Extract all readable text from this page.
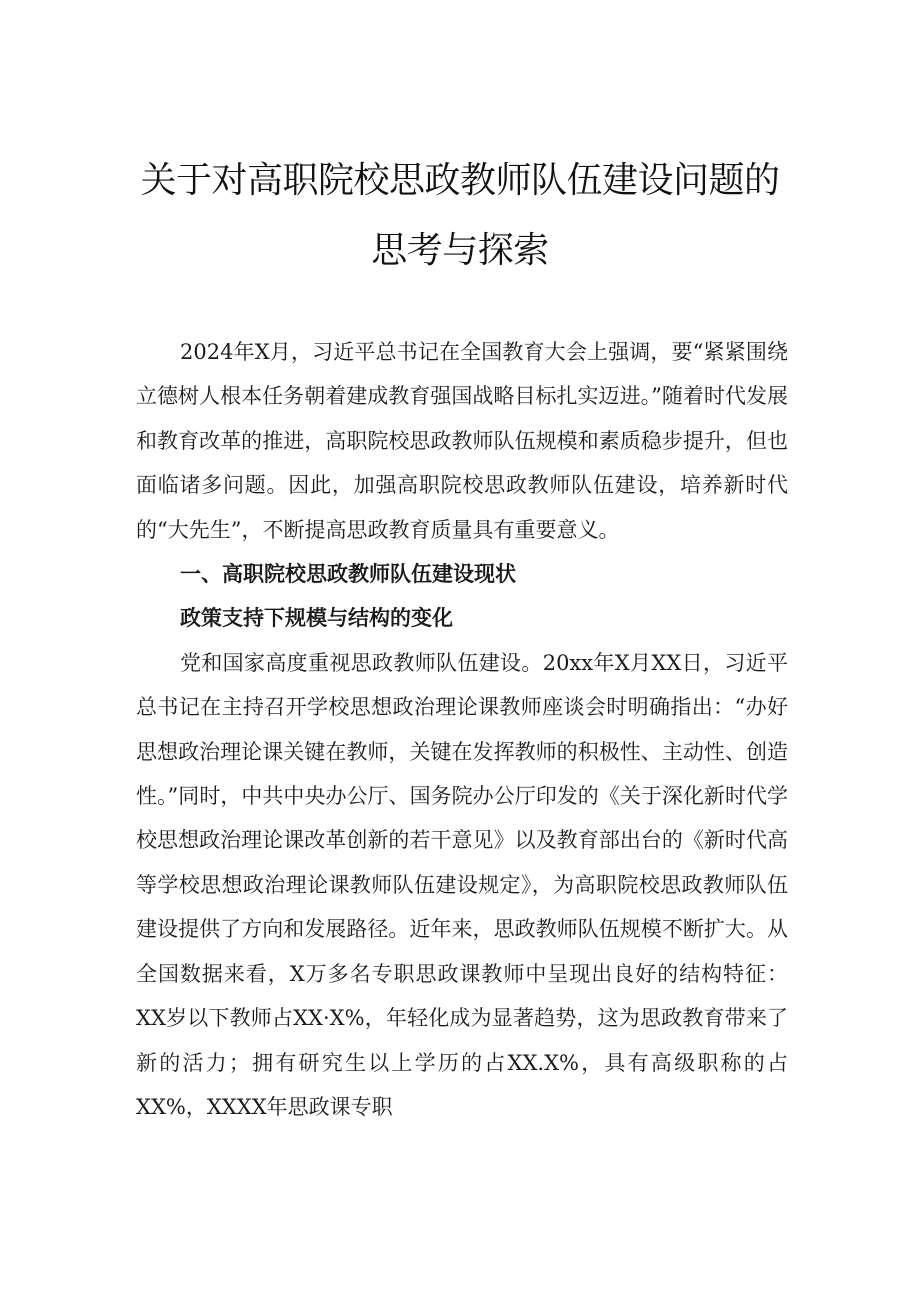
关于对高职院校思政教师队伍建设问题的
思考与探索

2024年X月，习近平总书记在全国教育大会上强调，要“紧紧围绕立德树人根本任务朝着建成教育强国战略目标扎实迈进。”随着时代发展和教育改革的推进，高职院校思政教师队伍规模和素质稳步提升，但也面临诸多问题。因此，加强高职院校思政教师队伍建设，培养新时代的“大先生”，不断提高思政教育质量具有重要意义。

一、高职院校思政教师队伍建设现状
政策支持下规模与结构的变化

党和国家高度重视思政教师队伍建设。20xx年X月XX日，习近平总书记在主持召开学校思想政治理论课教师座谈会时明确指出：“办好思想政治理论课关键在教师，关键在发挥教师的积极性、主动性、创造性。”同时，中共中央办公厅、国务院办公厅印发的《关于深化新时代学校思想政治理论课改革创新的若干意见》以及教育部出台的《新时代高等学校思想政治理论课教师队伍建设规定》，为高职院校思政教师队伍建设提供了方向和发展路径。近年来，思政教师队伍规模不断扩大。从全国数据来看，X万多名专职思政课教师中呈现出良好的结构特征：XX岁以下教师占XX·X%，年轻化成为显著趋势，这为思政教育带来了新的活力；拥有研究生以上学历的占XX.X%，具有高级职称的占XX%，XXXX年思政课专职
